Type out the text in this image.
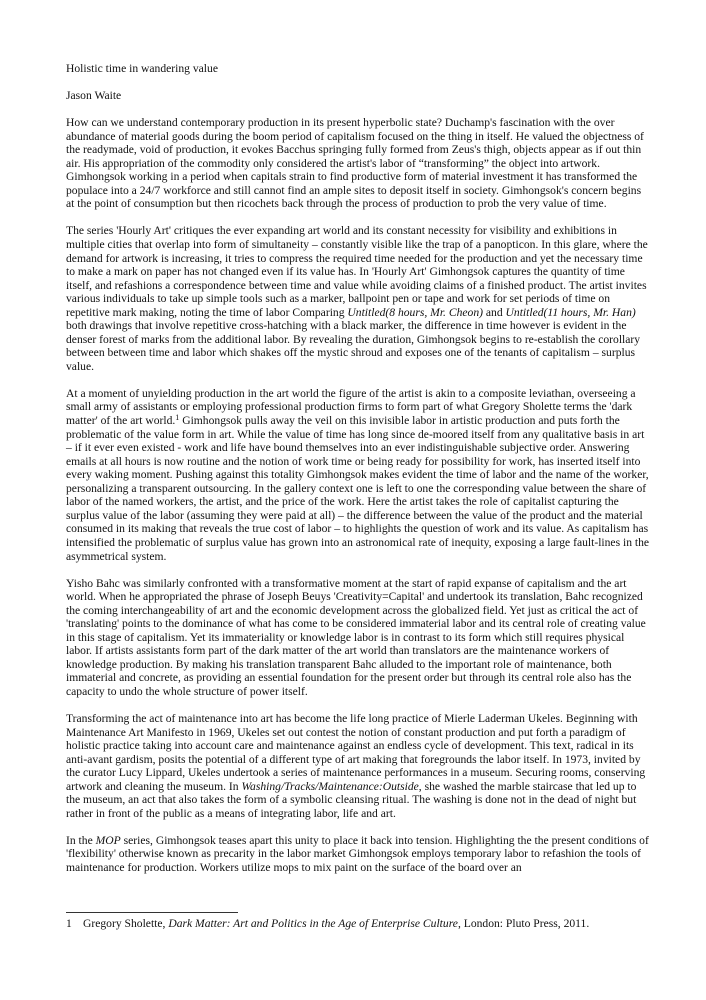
Holistic time in wandering value

Jason Waite

How can we understand contemporary production in its present hyperbolic state? Duchamp's fascination with the over abundance of material goods during the boom period of capitalism focused on the thing in itself. He valued the objectness of the readymade, void of production, it evokes Bacchus springing fully formed from Zeus's thigh, objects appear as if out thin air. His appropriation of the commodity only considered the artist's labor of “transforming” the object into artwork. Gimhongsok working in a period when capitals strain to find productive form of material investment it has transformed the populace into a 24/7 workforce and still cannot find an ample sites to deposit itself in society. Gimhongsok's concern begins at the point of consumption but then ricochets back through the process of production to prob the very value of time.

The series 'Hourly Art' critiques the ever expanding art world and its constant necessity for visibility and exhibitions in multiple cities that overlap into form of simultaneity – constantly visible like the trap of a panopticon. In this glare, where the demand for artwork is increasing, it tries to compress the required time needed for the production and yet the necessary time to make a mark on paper has not changed even if its value has. In 'Hourly Art' Gimhongsok captures the quantity of time itself, and refashions a correspondence between time and value while avoiding claims of a finished product. The artist invites various individuals to take up simple tools such as a marker, ballpoint pen or tape and work for set periods of time on repetitive mark making, noting the time of labor Comparing Untitled(8 hours, Mr. Cheon) and Untitled(11 hours, Mr. Han) both drawings that involve repetitive cross-hatching with a black marker, the difference in time however is evident in the denser forest of marks from the additional labor. By revealing the duration, Gimhongsok begins to re-establish the corollary between between time and labor which shakes off the mystic shroud and exposes one of the tenants of capitalism – surplus value.

At a moment of unyielding production in the art world the figure of the artist is akin to a composite leviathan, overseeing a small army of assistants or employing professional production firms to form part of what Gregory Sholette terms the 'dark matter' of the art world.$^1$ Gimhongsok pulls away the veil on this invisible labor in artistic production and puts forth the problematic of the value form in art. While the value of time has long since de-moored itself from any qualitative basis in art – if it ever even existed - work and life have bound themselves into an ever indistinguishable subjective order. Answering emails at all hours is now routine and the notion of work time or being ready for possibility for work, has inserted itself into every waking moment. Pushing against this totality Gimhongsok makes evident the time of labor and the name of the worker, personalizing a transparent outsourcing. In the gallery context one is left to one the corresponding value between the share of labor of the named workers, the artist, and the price of the work. Here the artist takes the role of capitalist capturing the surplus value of the labor (assuming they were paid at all) – the difference between the value of the product and the material consumed in its making that reveals the true cost of labor – to highlights the question of work and its value. As capitalism has intensified the problematic of surplus value has grown into an astronomical rate of inequity, exposing a large fault-lines in the asymmetrical system.

Yisho Bahc was similarly confronted with a transformative moment at the start of rapid expanse of capitalism and the art world. When he appropriated the phrase of Joseph Beuys 'Creativity=Capital' and undertook its translation, Bahc recognized the coming interchangeability of art and the economic development across the globalized field. Yet just as critical the act of 'translating' points to the dominance of what has come to be considered immaterial labor and its central role of creating value in this stage of capitalism. Yet its immateriality or knowledge labor is in contrast to its form which still requires physical labor. If artists assistants form part of the dark matter of the art world than translators are the maintenance workers of knowledge production. By making his translation transparent Bahc alluded to the important role of maintenance, both immaterial and concrete, as providing an essential foundation for the present order but through its central role also has the capacity to undo the whole structure of power itself.

Transforming the act of maintenance into art has become the life long practice of Mierle Laderman Ukeles. Beginning with Maintenance Art Manifesto in 1969, Ukeles set out contest the notion of constant production and put forth a paradigm of holistic practice taking into account care and maintenance against an endless cycle of development. This text, radical in its anti-avant gardism, posits the potential of a different type of art making that foregrounds the labor itself. In 1973, invited by the curator Lucy Lippard, Ukeles undertook a series of maintenance performances in a museum. Securing rooms, conserving artwork and cleaning the museum. In Washing/Tracks/Maintenance:Outside, she washed the marble staircase that led up to the museum, an act that also takes the form of a symbolic cleansing ritual. The washing is done not in the dead of night but rather in front of the public as a means of integrating labor, life and art.

In the MOP series, Gimhongsok teases apart this unity to place it back into tension. Highlighting the the present conditions of 'flexibility' otherwise known as precarity in the labor market Gimhongsok employs temporary labor to refashion the tools of maintenance for production. Workers utilize mops to mix paint on the surface of the board over an

1 Gregory Sholette, Dark Matter: Art and Politics in the Age of Enterprise Culture, London: Pluto Press, 2011.
